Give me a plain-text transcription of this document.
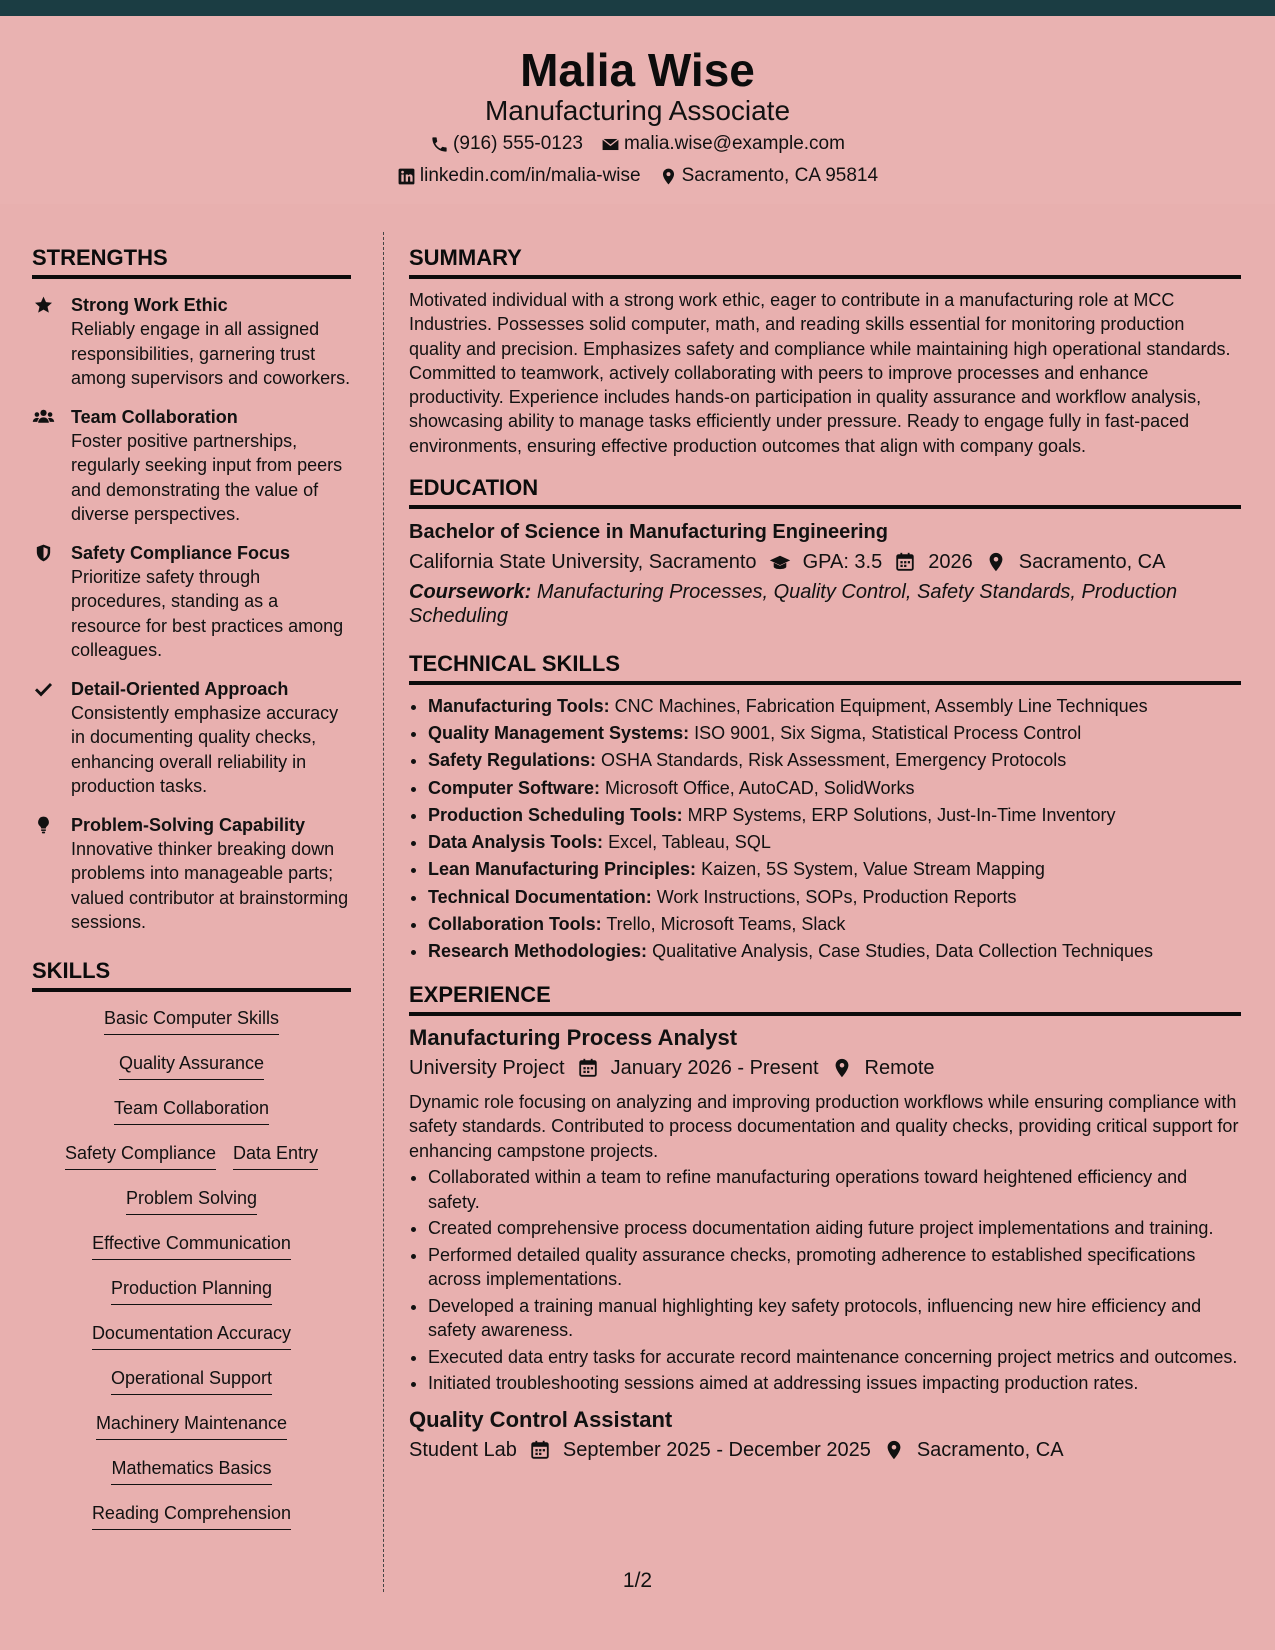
Malia Wise
Manufacturing Associate
(916) 555-0123 malia.wise@example.com
linkedin.com/in/malia-wise Sacramento, CA 95814
STRENGTHS
Strong Work Ethic
Reliably engage in all assigned responsibilities, garnering trust among supervisors and coworkers.
Team Collaboration
Foster positive partnerships, regularly seeking input from peers and demonstrating the value of diverse perspectives.
Safety Compliance Focus
Prioritize safety through procedures, standing as a resource for best practices among colleagues.
Detail-Oriented Approach
Consistently emphasize accuracy in documenting quality checks, enhancing overall reliability in production tasks.
Problem-Solving Capability
Innovative thinker breaking down problems into manageable parts; valued contributor at brainstorming sessions.
SKILLS
Basic Computer Skills
Quality Assurance
Team Collaboration
Safety Compliance Data Entry
Problem Solving
Effective Communication
Production Planning
Documentation Accuracy
Operational Support
Machinery Maintenance
Mathematics Basics
Reading Comprehension
SUMMARY

Motivated individual with a strong work ethic, eager to contribute in a manufacturing role at MCC Industries. Possesses solid computer, math, and reading skills essential for monitoring production quality and precision. Emphasizes safety and compliance while maintaining high operational standards. Committed to teamwork, actively collaborating with peers to improve processes and enhance productivity. Experience includes hands-on participation in quality assurance and workflow analysis, showcasing ability to manage tasks efficiently under pressure. Ready to engage fully in fast-paced environments, ensuring effective production outcomes that align with company goals.

EDUCATION
Bachelor of Science in Manufacturing Engineering
California State University, Sacramento GPA: 3.5 2026 Sacramento, CA
Coursework: Manufacturing Processes, Quality Control, Safety Standards, Production Scheduling
TECHNICAL SKILLS
• Manufacturing Tools: CNC Machines, Fabrication Equipment, Assembly Line Techniques
• Quality Management Systems: ISO 9001, Six Sigma, Statistical Process Control
• Safety Regulations: OSHA Standards, Risk Assessment, Emergency Protocols
• Computer Software: Microsoft Office, AutoCAD, SolidWorks
• Production Scheduling Tools: MRP Systems, ERP Solutions, Just-In-Time Inventory
• Data Analysis Tools: Excel, Tableau, SQL
• Lean Manufacturing Principles: Kaizen, 5S System, Value Stream Mapping
• Technical Documentation: Work Instructions, SOPs, Production Reports
• Collaboration Tools: Trello, Microsoft Teams, Slack
• Research Methodologies: Qualitative Analysis, Case Studies, Data Collection Techniques
EXPERIENCE
Manufacturing Process Analyst
University Project January 2026 - Present Remote
Dynamic role focusing on analyzing and improving production workflows while ensuring compliance with safety standards. Contributed to process documentation and quality checks, providing critical support for enhancing campstone projects.
• Collaborated within a team to refine manufacturing operations toward heightened efficiency and safety.
• Created comprehensive process documentation aiding future project implementations and training.
• Performed detailed quality assurance checks, promoting adherence to established specifications across implementations.
• Developed a training manual highlighting key safety protocols, influencing new hire efficiency and safety awareness.
• Executed data entry tasks for accurate record maintenance concerning project metrics and outcomes.
• Initiated troubleshooting sessions aimed at addressing issues impacting production rates.
Quality Control Assistant
Student Lab September 2025 - December 2025 Sacramento, CA
1/2
